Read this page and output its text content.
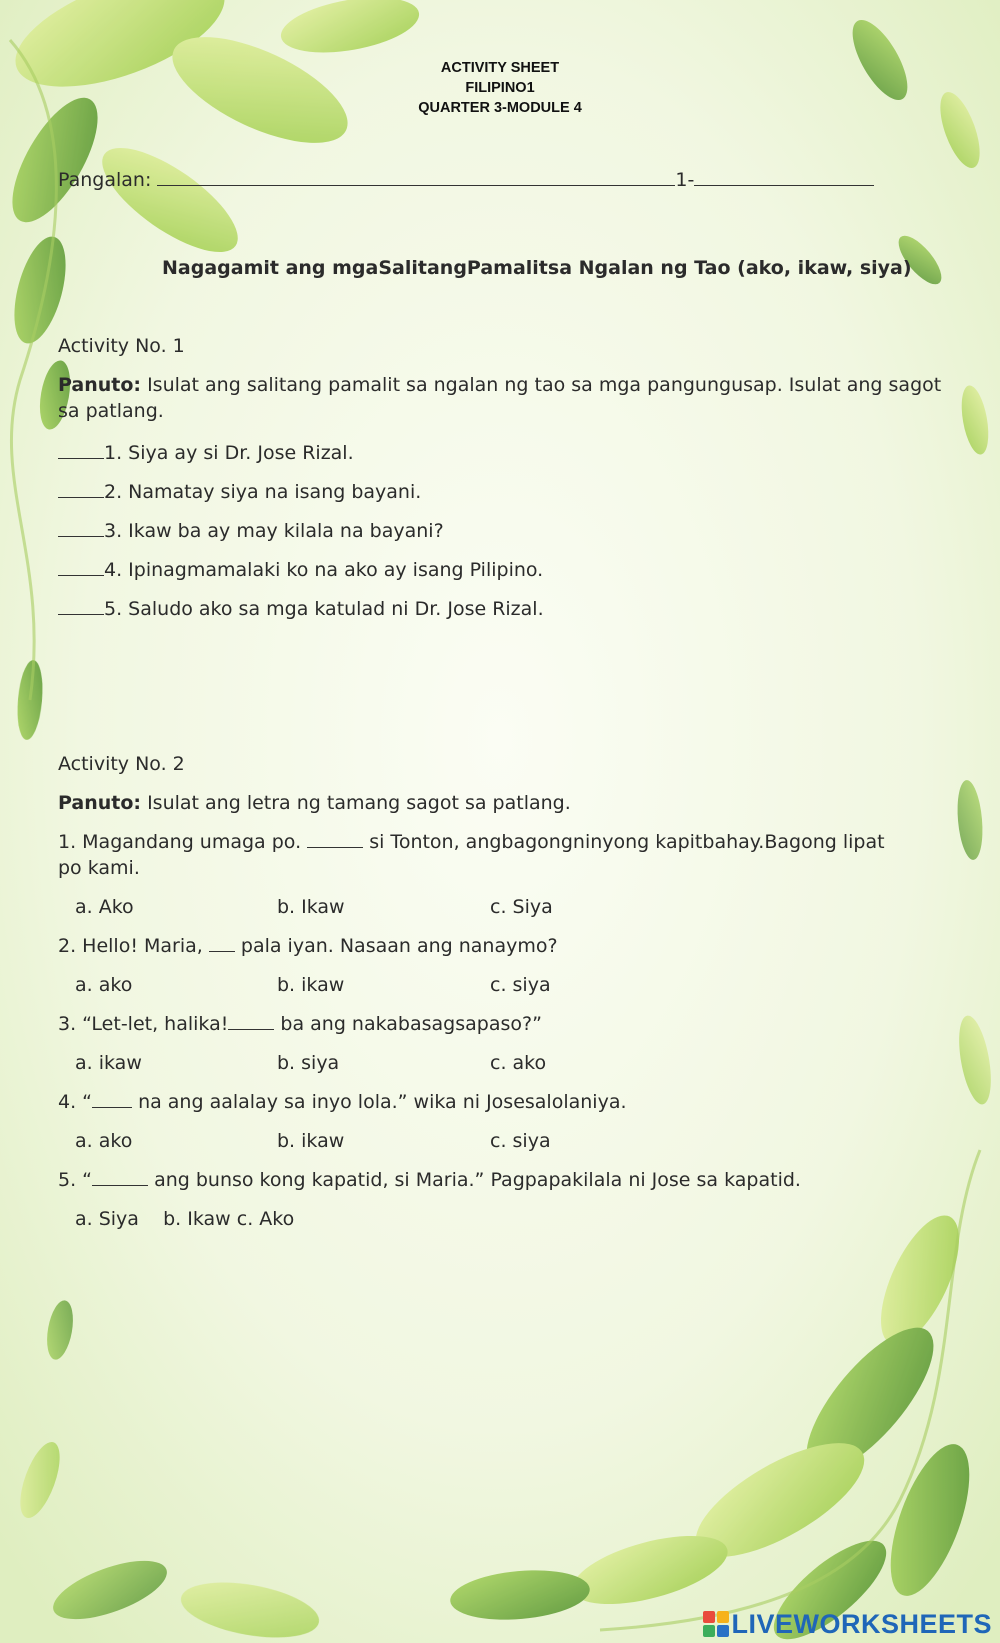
ACTIVITY SHEET
FILIPINO1
QUARTER 3-MODULE 4
Pangalan:	1-
Nagagamit ang mgaSalitangPamalitsa Ngalan ng Tao (ako, ikaw, siya)
Activity No. 1
Panuto: Isulat ang salitang pamalit sa ngalan ng tao sa mga pangungusap. Isulat ang sagot
sa patlang.
1. Siya ay si Dr. Jose Rizal.
2. Namatay siya na isang bayani.
3. Ikaw ba ay may kilala na bayani?
4. Ipinagmamalaki ko na ako ay isang Pilipino.
5. Saludo ako sa mga katulad ni Dr. Jose Rizal.
Activity No. 2
Panuto: Isulat ang letra ng tamang sagot sa patlang.
1. Magandang umaga po.	si Tonton, angbagongninyong kapitbahay.Bagong lipat
po kami.
a. Ako	b. Ikaw	c. Siya
2. Hello! Maria, pala iyan. Nasaan ang nanaymo?
a. ako	b. ikaw	c. siya
3. “Let-let, halika!	ba ang nakabasagsapaso?”
a. ikaw	b. siya	c. ako
4. “ na ang aalalay sa inyo lola.” wika ni Josesalolaniya.
a. ako	b. ikaw	c. siya
5. “	ang bunso kong kapatid, si Maria.” Pagpapakilala ni Jose sa kapatid.
a. Siya    b. Ikaw c. Ako
LIVEWORKSHEETS
